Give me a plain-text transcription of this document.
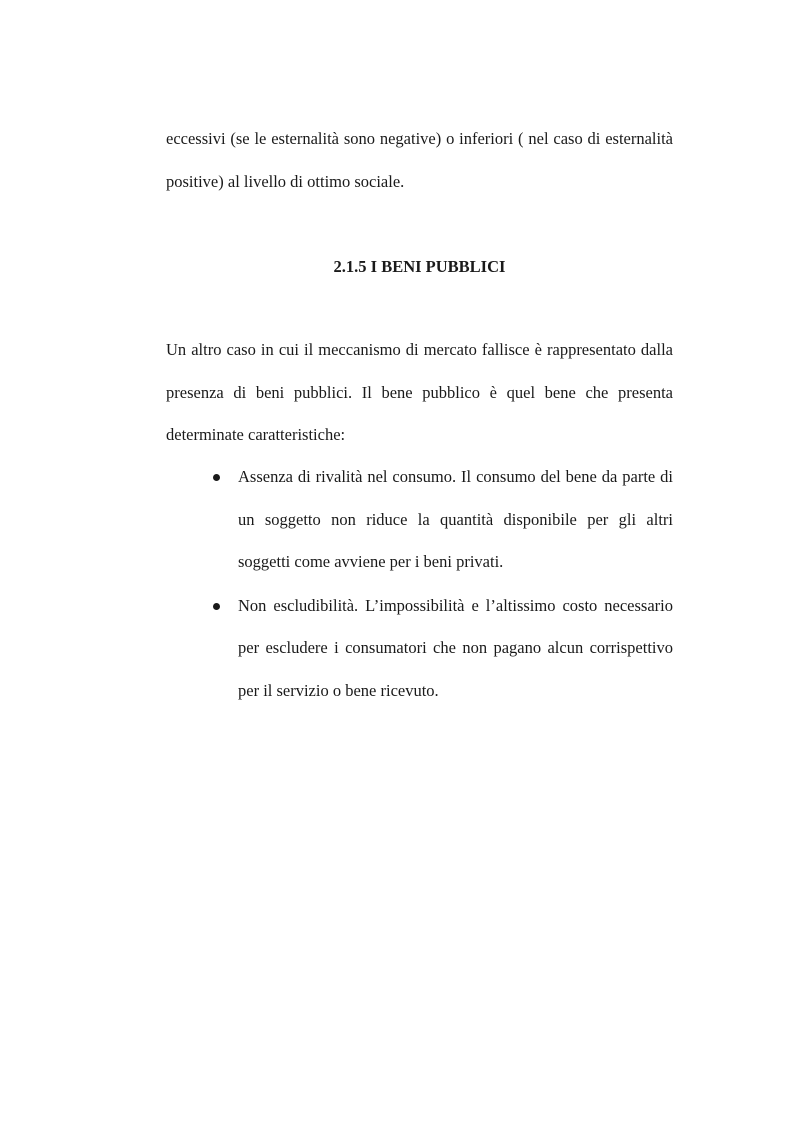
eccessivi (se le esternalità sono negative) o inferiori ( nel caso di esternalità positive) al livello di ottimo sociale.

2.1.5 I BENI PUBBLICI

Un altro caso in cui il meccanismo di mercato fallisce è rappresentato dalla presenza di beni pubblici. Il bene pubblico è quel bene che presenta determinate caratteristiche:

Assenza di rivalità nel consumo. Il consumo del bene da parte di un soggetto non riduce la quantità disponibile per gli altri soggetti come avviene per i beni privati.
Non escludibilità. L’impossibilità e l’altissimo costo necessario per escludere i consumatori che non pagano alcun corrispettivo per il servizio o bene ricevuto.
